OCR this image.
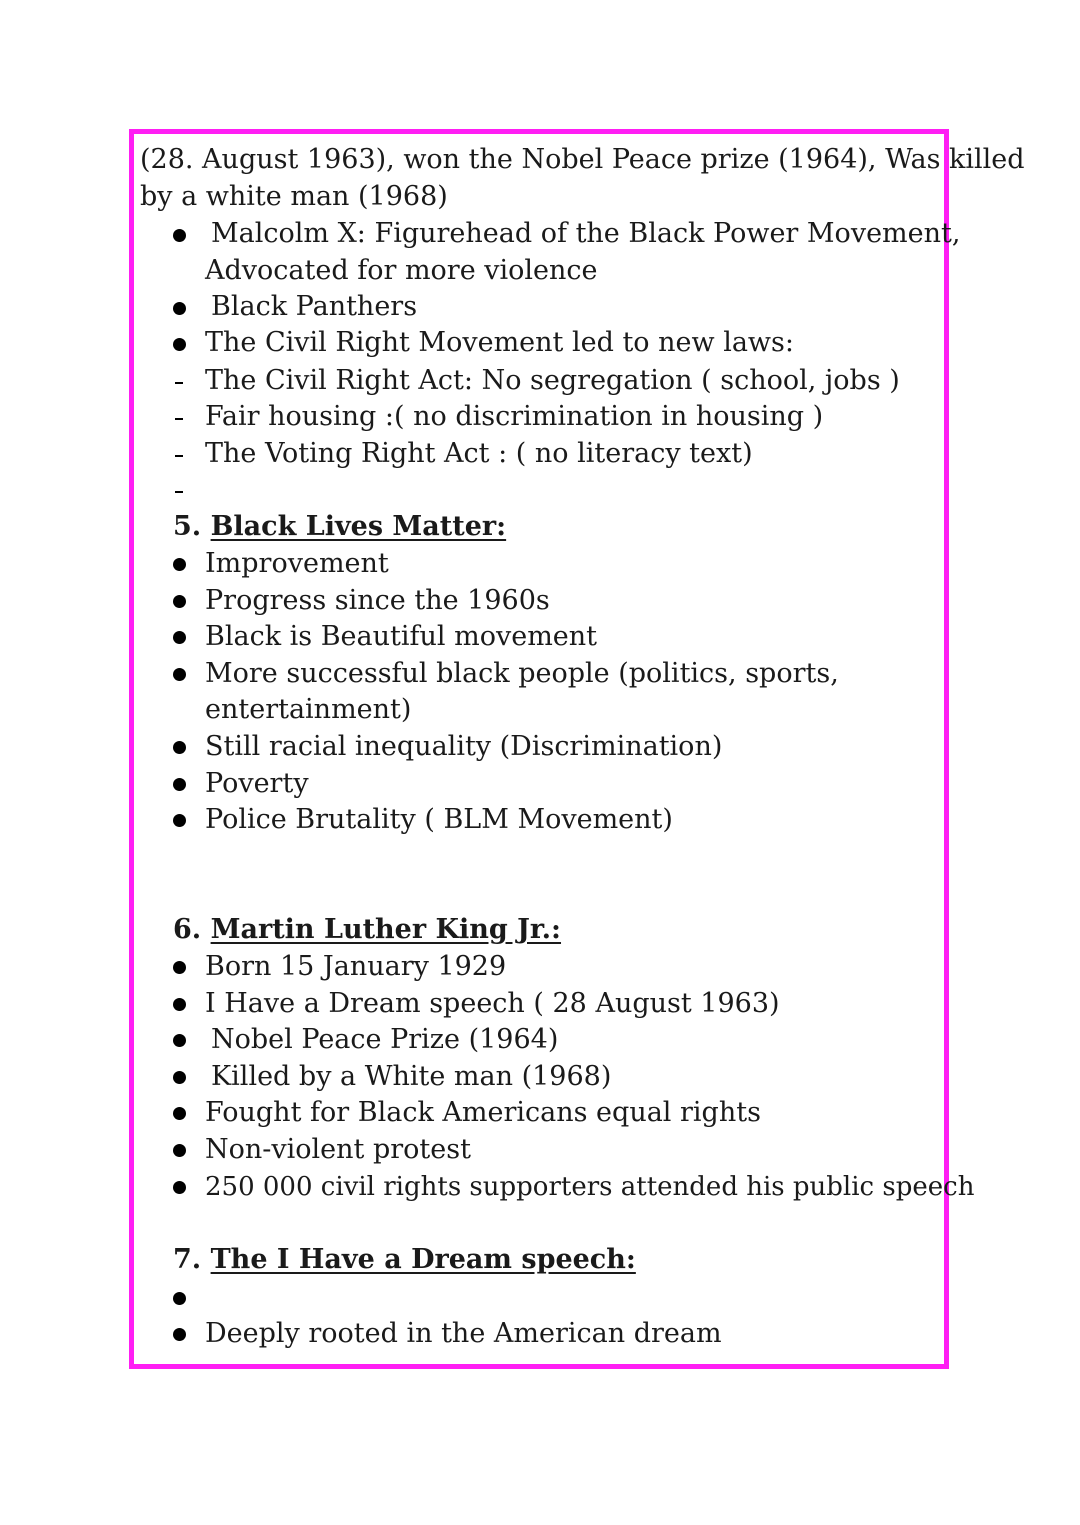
(28. August 1963), won the Nobel Peace prize (1964), Was killed
by a white man (1968)
Malcolm X: Figurehead of the Black Power Movement,
Advocated for more violence
Black Panthers
The Civil Right Movement led to new laws:
The Civil Right Act: No segregation ( school, jobs )
Fair housing :( no discrimination in housing )
The Voting Right Act : ( no literacy text)
5. Black Lives Matter:
Improvement
Progress since the 1960s
Black is Beautiful movement
More successful black people (politics, sports,
entertainment)
Still racial inequality (Discrimination)
Poverty
Police Brutality ( BLM Movement)
6. Martin Luther King Jr.:
Born 15 January 1929
I Have a Dream speech ( 28 August 1963)
Nobel Peace Prize (1964)
Killed by a White man (1968)
Fought for Black Americans equal rights
Non-violent protest
250 000 civil rights supporters attended his public speech
7. The I Have a Dream speech:
Deeply rooted in the American dream
